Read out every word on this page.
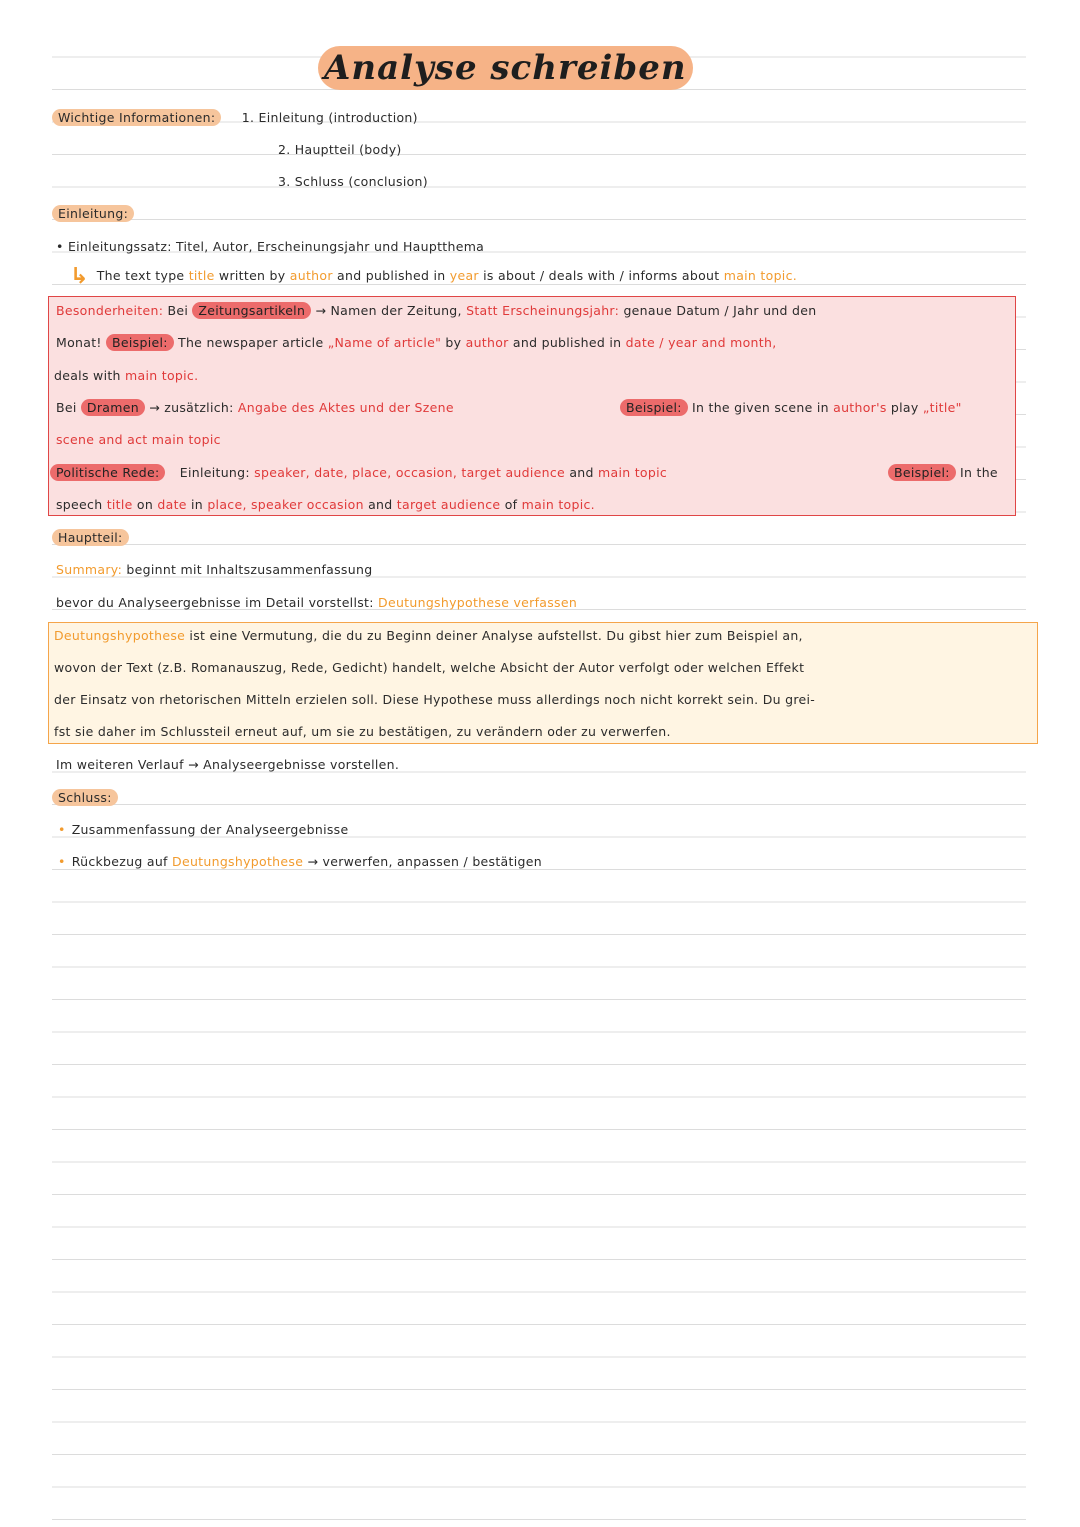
Analyse schreiben
Wichtige Informationen: 1. Einleitung (introduction)
2. Hauptteil (body)
3. Schluss (conclusion)
Einleitung:
• Einleitungssatz: Titel, Autor, Erscheinungsjahr und Hauptthema
↳ The text type title written by author and published in year is about / deals with / informs about main topic.
Besonderheiten: Bei Zeitungsartikeln → Namen der Zeitung, Statt Erscheinungsjahr: genaue Datum / Jahr und den
Monat! Beispiel: The newspaper article „Name of article" by author and published in date / year and month,
deals with main topic.
Bei Dramen → zusätzlich: Angabe des Aktes und der Szene	Beispiel: In the given scene in author's play „title"
scene and act main topic
Politische Rede: Einleitung: speaker, date, place, occasion, target audience and main topic	Beispiel: In the
speech title on date in place, speaker occasion and target audience of main topic.
Hauptteil:
Summary: beginnt mit Inhaltszusammenfassung
bevor du Analyseergebnisse im Detail vorstellst: Deutungshypothese verfassen
Deutungshypothese ist eine Vermutung, die du zu Beginn deiner Analyse aufstellst. Du gibst hier zum Beispiel an,
wovon der Text (z.B. Romanauszug, Rede, Gedicht) handelt, welche Absicht der Autor verfolgt oder welchen Effekt
der Einsatz von rhetorischen Mitteln erzielen soll. Diese Hypothese muss allerdings noch nicht korrekt sein. Du grei-
fst sie daher im Schlussteil erneut auf, um sie zu bestätigen, zu verändern oder zu verwerfen.
Im weiteren Verlauf → Analyseergebnisse vorstellen.
Schluss:
• Zusammenfassung der Analyseergebnisse
• Rückbezug auf Deutungshypothese → verwerfen, anpassen / bestätigen
